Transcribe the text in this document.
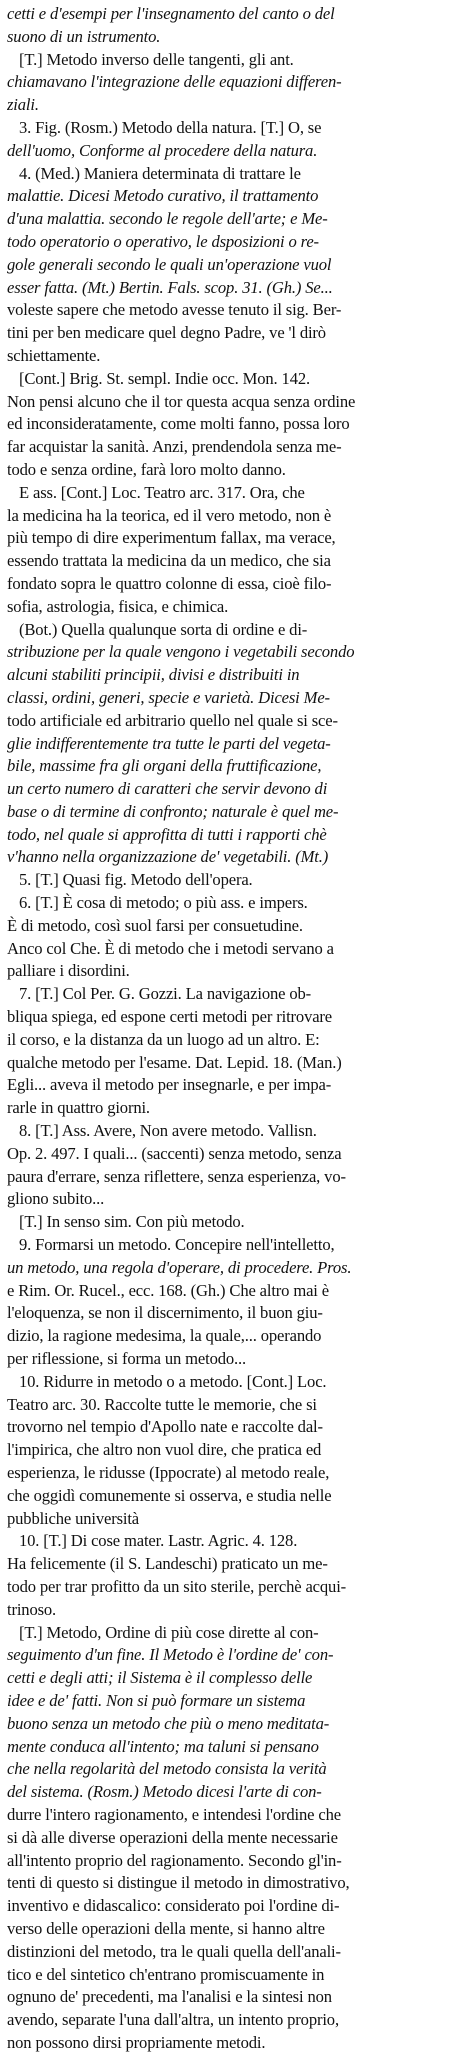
cetti e d'esempi per l'insegnamento del canto o del
suono di un istrumento.
[T.] Metodo inverso delle tangenti, gli ant.
chiamavano l'integrazione delle equazioni differen-
ziali.
3. Fig. (Rosm.) Metodo della natura. [T.] O, se
dell'uomo, Conforme al procedere della natura.
4. (Med.) Maniera determinata di trattare le
malattie. Dicesi Metodo curativo, il trattamento
d'una malattia. secondo le regole dell'arte; e Me-
todo operatorio o operativo, le dsposizioni o re-
gole generali secondo le quali un'operazione vuol
esser fatta. (Mt.) Bertin. Fals. scop. 31. (Gh.) Se...
voleste sapere che metodo avesse tenuto il sig. Ber-
tini per ben medicare quel degno Padre, ve 'l dirò
schiettamente.
[Cont.] Brig. St. sempl. Indie occ. Mon. 142.
Non pensi alcuno che il tor questa acqua senza ordine
ed inconsideratamente, come molti fanno, possa loro
far acquistar la sanità. Anzi, prendendola senza me-
todo e senza ordine, farà loro molto danno.
E ass. [Cont.] Loc. Teatro arc. 317. Ora, che
la medicina ha la teorica, ed il vero metodo, non è
più tempo di dire experimentum fallax, ma verace,
essendo trattata la medicina da un medico, che sia
fondato sopra le quattro colonne di essa, cioè filo-
sofia, astrologia, fisica, e chimica.
(Bot.) Quella qualunque sorta di ordine e di-
stribuzione per la quale vengono i vegetabili secondo
alcuni stabiliti principii, divisi e distribuiti in
classi, ordini, generi, specie e varietà. Dicesi Me-
todo artificiale ed arbitrario quello nel quale si sce-
glie indifferentemente tra tutte le parti del vegeta-
bile, massime fra gli organi della fruttificazione,
un certo numero di caratteri che servir devono di
base o di termine di confronto; naturale è quel me-
todo, nel quale si approfitta di tutti i rapporti chè
v'hanno nella organizzazione de' vegetabili. (Mt.)
5. [T.] Quasi fig. Metodo dell'opera.
6. [T.] È cosa di metodo; o più ass. e impers.
È di metodo, così suol farsi per consuetudine.
Anco col Che. È di metodo che i metodi servano a
palliare i disordini.
7. [T.] Col Per. G. Gozzi. La navigazione ob-
bliqua spiega, ed espone certi metodi per ritrovare
il corso, e la distanza da un luogo ad un altro. E:
qualche metodo per l'esame. Dat. Lepid. 18. (Man.)
Egli... aveva il metodo per insegnarle, e per impa-
rarle in quattro giorni.
8. [T.] Ass. Avere, Non avere metodo. Vallisn.
Op. 2. 497. I quali... (saccenti) senza metodo, senza
paura d'errare, senza riflettere, senza esperienza, vo-
gliono subito...
[T.] In senso sim. Con più metodo.
9. Formarsi un metodo. Concepire nell'intelletto,
un metodo, una regola d'operare, di procedere. Pros.
e Rim. Or. Rucel., ecc. 168. (Gh.) Che altro mai è
l'eloquenza, se non il discernimento, il buon giu-
dizio, la ragione medesima, la quale,... operando
per riflessione, si forma un metodo...
10. Ridurre in metodo o a metodo. [Cont.] Loc.
Teatro arc. 30. Raccolte tutte le memorie, che si
trovorno nel tempio d'Apollo nate e raccolte dal-
l'impirica, che altro non vuol dire, che pratica ed
esperienza, le ridusse (Ippocrate) al metodo reale,
che oggidì comunemente si osserva, e studia nelle
pubbliche università
10. [T.] Di cose mater. Lastr. Agric. 4. 128.
Ha felicemente (il S. Landeschi) praticato un me-
todo per trar profitto da un sito sterile, perchè acqui-
trinoso.
[T.] Metodo, Ordine di più cose dirette al con-
seguimento d'un fine. Il Metodo è l'ordine de' con-
cetti e degli atti; il Sistema è il complesso delle
idee e de' fatti. Non si può formare un sistema
buono senza un metodo che più o meno meditata-
mente conduca all'intento; ma taluni si pensano
che nella regolarità del metodo consista la verità
del sistema. (Rosm.) Metodo dicesi l'arte di con-
durre l'intero ragionamento, e intendesi l'ordine che
si dà alle diverse operazioni della mente necessarie
all'intento proprio del ragionamento. Secondo gl'in-
tenti di questo si distingue il metodo in dimostrativo,
inventivo e didascalico: considerato poi l'ordine di-
verso delle operazioni della mente, si hanno altre
distinzioni del metodo, tra le quali quella dell'anali-
tico e del sintetico ch'entrano promiscuamente in
ognuno de' precedenti, ma l'analisi e la sintesi non
avendo, separate l'una dall'altra, un intento proprio,
non possono dirsi propriamente metodi.
